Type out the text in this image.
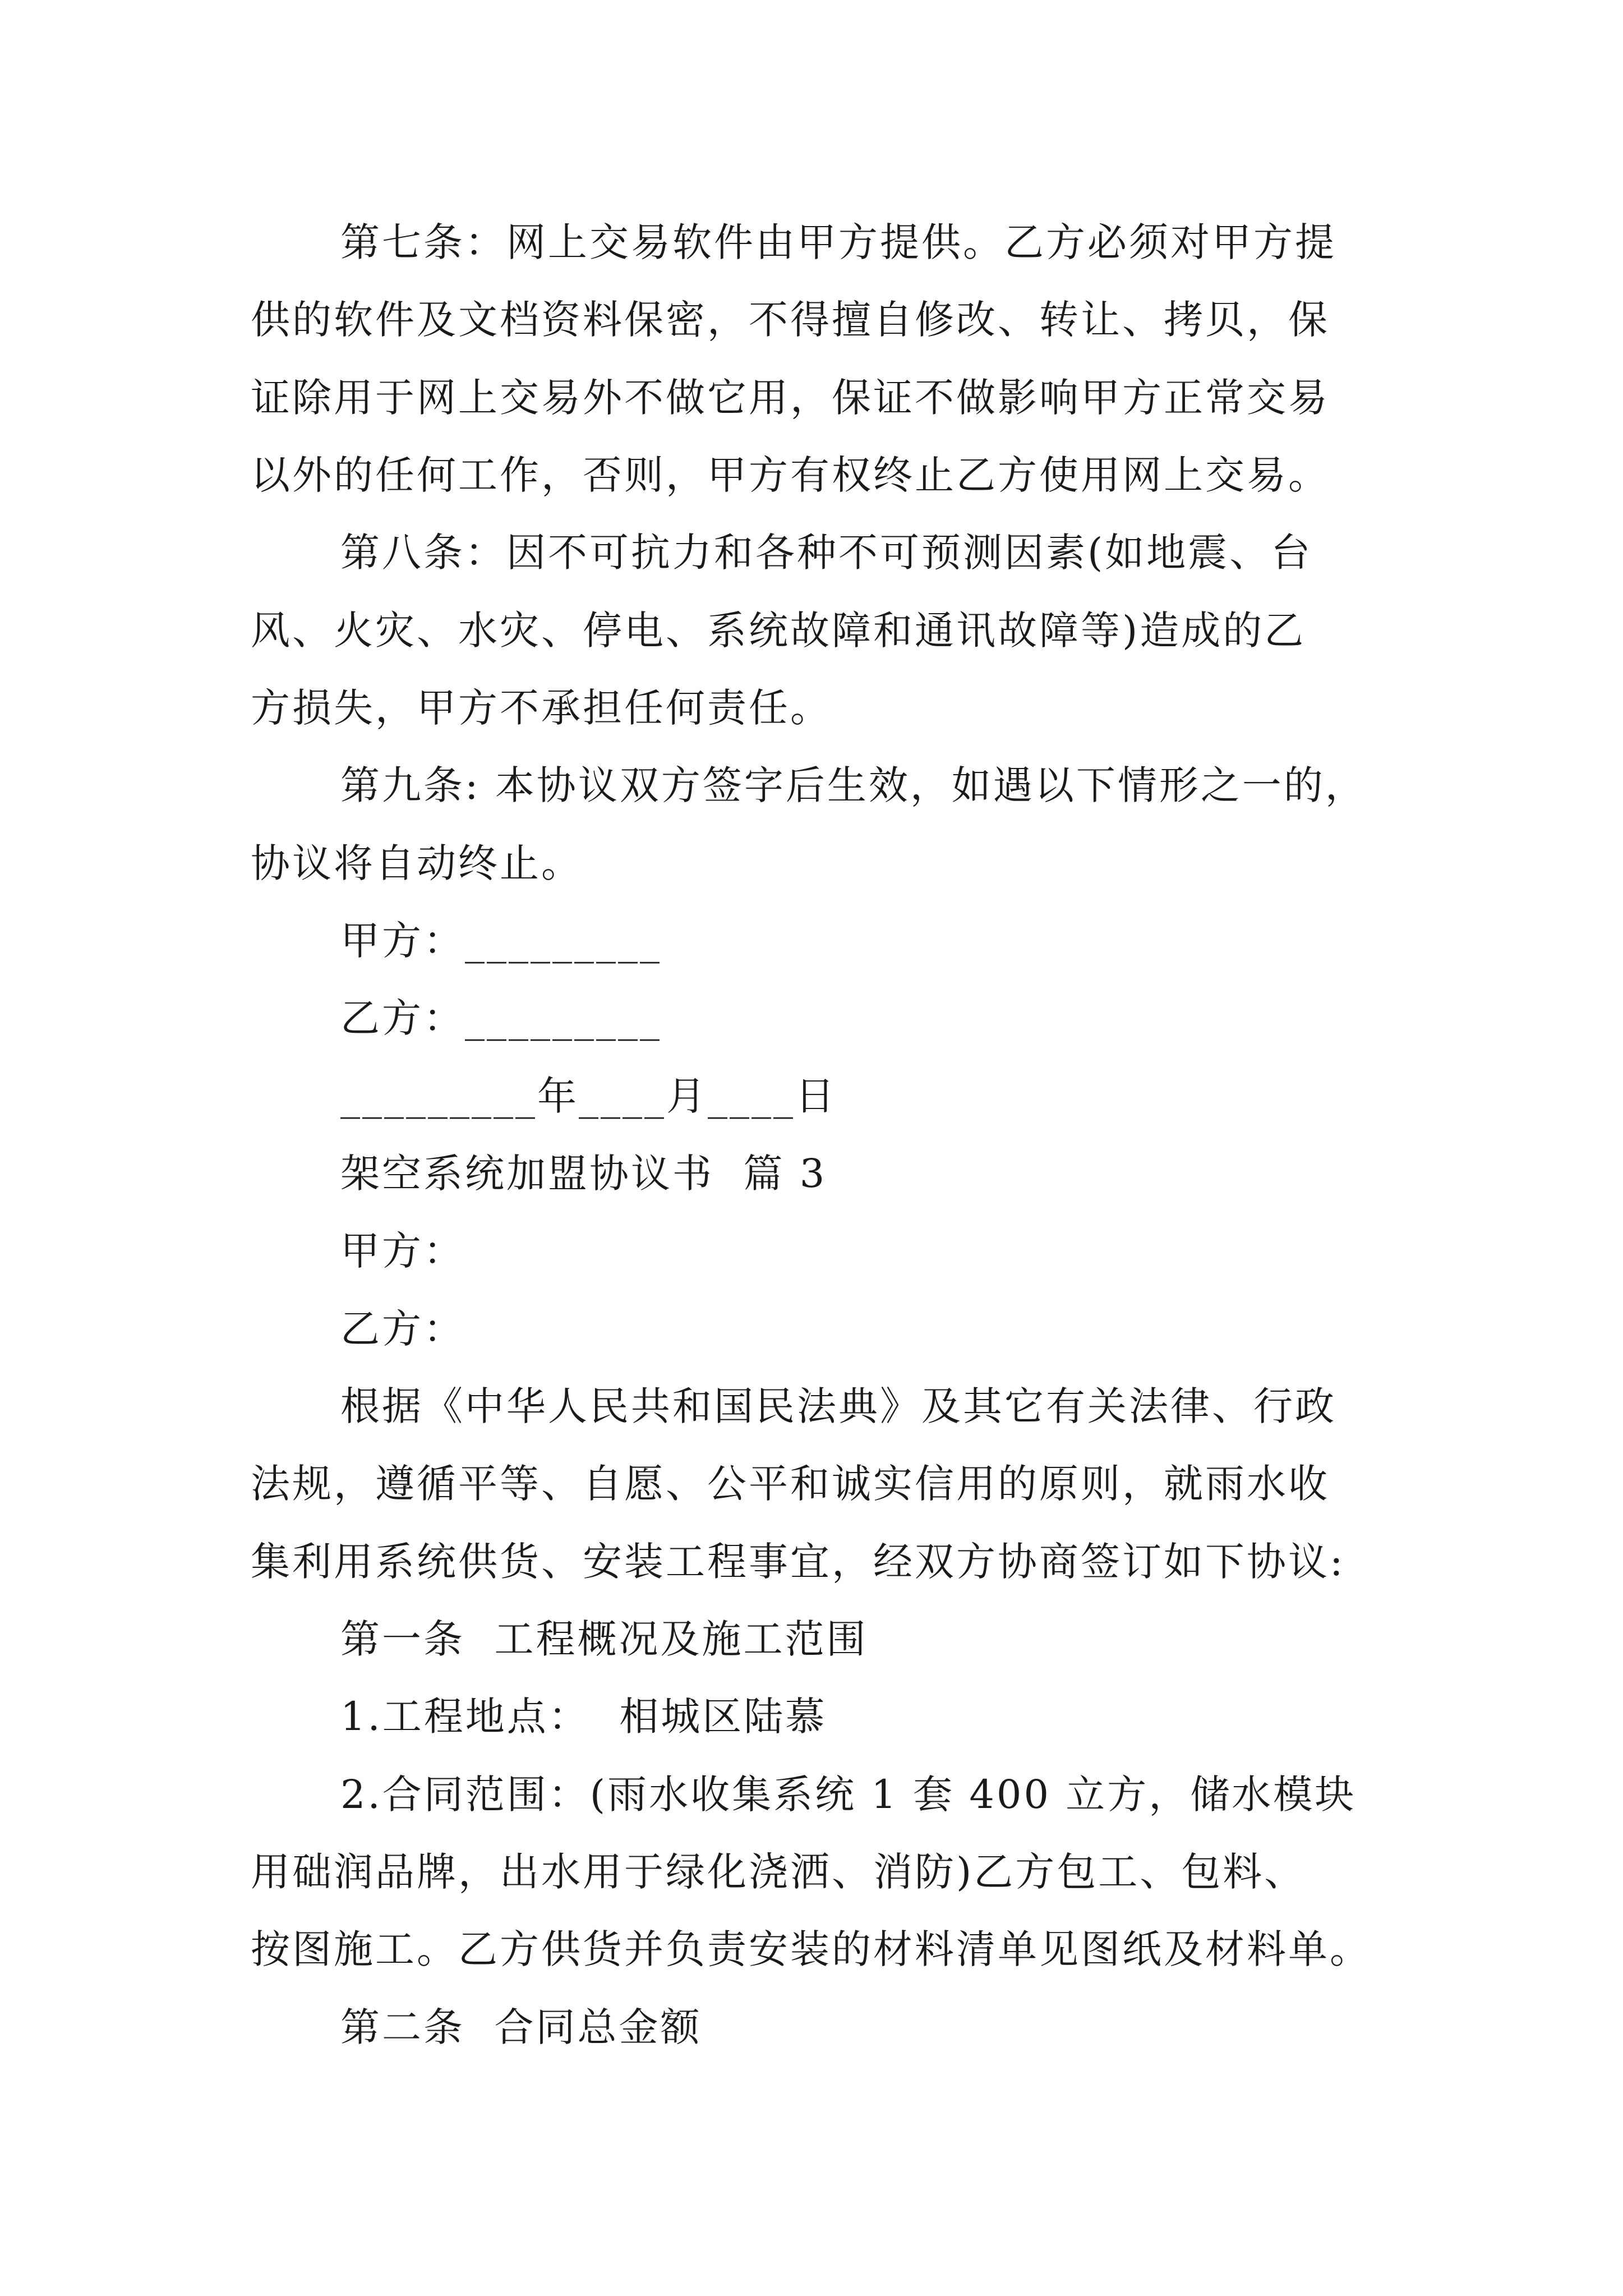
第七条：网上交易软件由甲方提供。乙方必须对甲方提
供的软件及文档资料保密，不得擅自修改、转让、拷贝，保
证除用于网上交易外不做它用，保证不做影响甲方正常交易
以外的任何工作，否则，甲方有权终止乙方使用网上交易。
第八条：因不可抗力和各种不可预测因素(如地震、台
风、火灾、水灾、停电、系统故障和通讯故障等)造成的乙
方损失，甲方不承担任何责任。
第九条: 本协议双方签字后生效，如遇以下情形之一的，
协议将自动终止。
甲方：_________
乙方：_________
_________年____月____日
架空系统加盟协议书  篇 3
甲方：
乙方：
根据《中华人民共和国民法典》及其它有关法律、行政
法规，遵循平等、自愿、公平和诚实信用的原则，就雨水收
集利用系统供货、安装工程事宜，经双方协商签订如下协议:
第一条  工程概况及施工范围
1.工程地点：  相城区陆慕
2.合同范围：(雨水收集系统 1 套 400 立方，储水模块
用础润品牌，出水用于绿化浇洒、消防)乙方包工、包料、
按图施工。乙方供货并负责安装的材料清单见图纸及材料单。
第二条  合同总金额
